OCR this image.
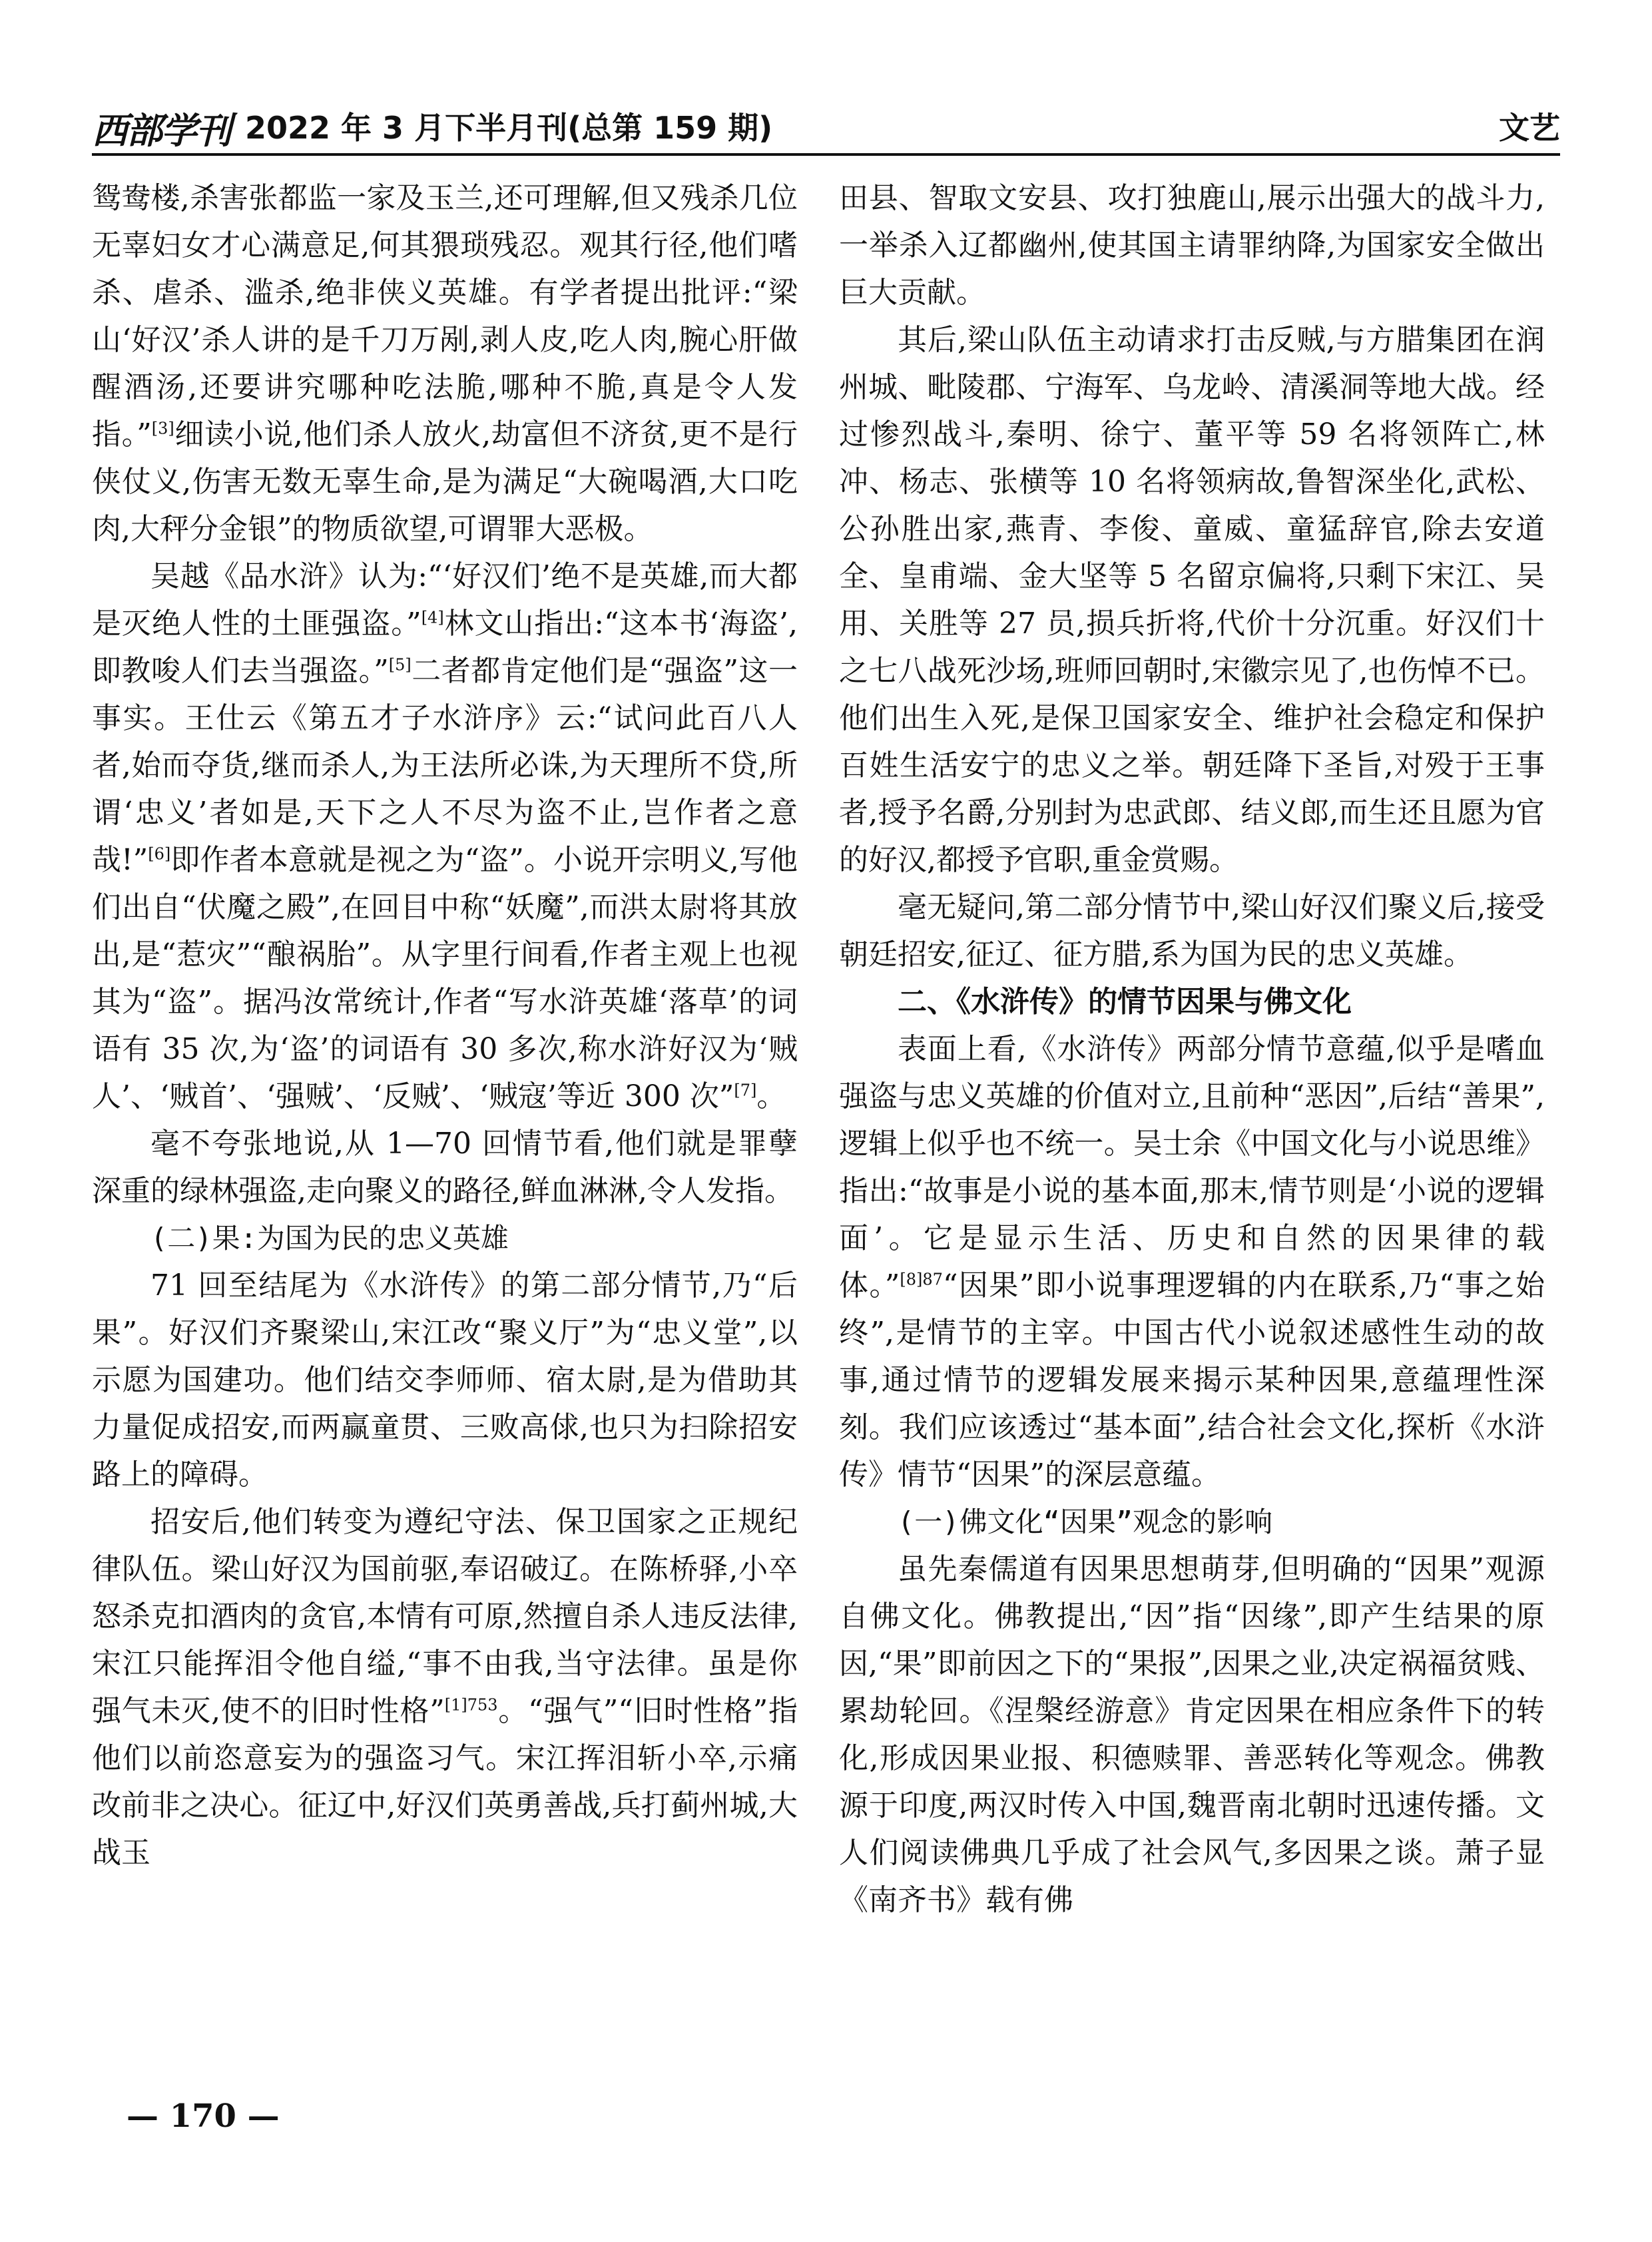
西部学刊 2022 年 3 月下半月刊(总第 159 期)	文艺

鸳鸯楼,杀害张都监一家及玉兰,还可理解,但又残杀几位无辜妇女才心满意足,何其猥琐残忍。观其行径,他们嗜杀、虐杀、滥杀,绝非侠义英雄。有学者提出批评:“梁山‘好汉’杀人讲的是千刀万剐,剥人皮,吃人肉,腕心肝做醒酒汤,还要讲究哪种吃法脆,哪种不脆,真是令人发指。”[3]细读小说,他们杀人放火,劫富但不济贫,更不是行侠仗义,伤害无数无辜生命,是为满足“大碗喝酒,大口吃肉,大秤分金银”的物质欲望,可谓罪大恶极。

吴越《品水浒》认为:“‘好汉们’绝不是英雄,而大都是灭绝人性的土匪强盗。”[4]林文山指出:“这本书‘海盗’,即教唆人们去当强盗。”[5]二者都肯定他们是“强盗”这一事实。王仕云《第五才子水浒序》云:“试问此百八人者,始而夺货,继而杀人,为王法所必诛,为天理所不贷,所谓‘忠义’者如是,天下之人不尽为盗不止,岂作者之意哉!”[6]即作者本意就是视之为“盗”。小说开宗明义,写他们出自“伏魔之殿”,在回目中称“妖魔”,而洪太尉将其放出,是“惹灾”“酿祸胎”。从字里行间看,作者主观上也视其为“盗”。据冯汝常统计,作者“写水浒英雄‘落草’的词语有 35 次,为‘盗’的词语有 30 多次,称水浒好汉为‘贼人’、‘贼首’、‘强贼’、‘反贼’、‘贼寇’等近 300 次”[7]。

毫不夸张地说,从 1—70 回情节看,他们就是罪孽深重的绿林强盗,走向聚义的路径,鲜血淋淋,令人发指。

(二)果:为国为民的忠义英雄

71 回至结尾为《水浒传》的第二部分情节,乃“后果”。好汉们齐聚梁山,宋江改“聚义厅”为“忠义堂”,以示愿为国建功。他们结交李师师、宿太尉,是为借助其力量促成招安,而两赢童贯、三败高俅,也只为扫除招安路上的障碍。

招安后,他们转变为遵纪守法、保卫国家之正规纪律队伍。梁山好汉为国前驱,奉诏破辽。在陈桥驿,小卒怒杀克扣酒肉的贪官,本情有可原,然擅自杀人违反法律,宋江只能挥泪令他自缢,“事不由我,当守法律。虽是你强气未灭,使不的旧时性格”$^{[1]753}$。“强气”“旧时性格”指他们以前恣意妄为的强盗习气。宋江挥泪斩小卒,示痛改前非之决心。征辽中,好汉们英勇善战,兵打蓟州城,大战玉

田县、智取文安县、攻打独鹿山,展示出强大的战斗力,一举杀入辽都幽州,使其国主请罪纳降,为国家安全做出巨大贡献。

其后,梁山队伍主动请求打击反贼,与方腊集团在润州城、毗陵郡、宁海军、乌龙岭、清溪洞等地大战。经过惨烈战斗,秦明、徐宁、董平等 59 名将领阵亡,林冲、杨志、张横等 10 名将领病故,鲁智深坐化,武松、公孙胜出家,燕青、李俊、童威、童猛辞官,除去安道全、皇甫端、金大坚等 5 名留京偏将,只剩下宋江、吴用、关胜等 27 员,损兵折将,代价十分沉重。好汉们十之七八战死沙场,班师回朝时,宋徽宗见了,也伤悼不已。他们出生入死,是保卫国家安全、维护社会稳定和保护百姓生活安宁的忠义之举。朝廷降下圣旨,对殁于王事者,授予名爵,分别封为忠武郎、结义郎,而生还且愿为官的好汉,都授予官职,重金赏赐。

毫无疑问,第二部分情节中,梁山好汉们聚义后,接受朝廷招安,征辽、征方腊,系为国为民的忠义英雄。

二、《水浒传》的情节因果与佛文化

表面上看,《水浒传》两部分情节意蕴,似乎是嗜血强盗与忠义英雄的价值对立,且前种“恶因”,后结“善果”,逻辑上似乎也不统一。吴士余《中国文化与小说思维》指出:“故事是小说的基本面,那末,情节则是‘小说的逻辑面’。它是显示生活、历史和自然的因果律的载体。”$^{[8]87}$“因果”即小说事理逻辑的内在联系,乃“事之始终”,是情节的主宰。中国古代小说叙述感性生动的故事,通过情节的逻辑发展来揭示某种因果,意蕴理性深刻。我们应该透过“基本面”,结合社会文化,探析《水浒传》情节“因果”的深层意蕴。

(一)佛文化“因果”观念的影响

虽先秦儒道有因果思想萌芽,但明确的“因果”观源自佛文化。佛教提出,“因”指“因缘”,即产生结果的原因,“果”即前因之下的“果报”,因果之业,决定祸福贫贱、累劫轮回。《涅槃经游意》肯定因果在相应条件下的转化,形成因果业报、积德赎罪、善恶转化等观念。佛教源于印度,两汉时传入中国,魏晋南北朝时迅速传播。文人们阅读佛典几乎成了社会风气,多因果之谈。萧子显《南齐书》载有佛

— 170 —
